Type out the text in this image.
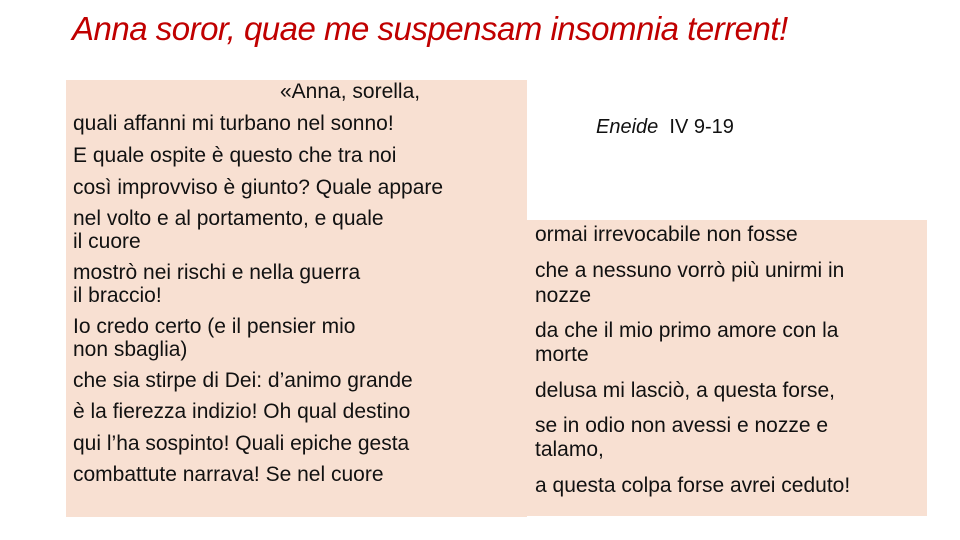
Anna soror, quae me suspensam insomnia terrent!
Eneide IV 9-19
«Anna, sorella,
quali affanni mi turbano nel sonno!
E quale ospite è questo che tra noi
così improvviso è giunto? Quale appare
nel volto e al portamento, e quale
il cuore
mostrò nei rischi e nella guerra
il braccio!
Io credo certo (e il pensier mio
non sbaglia)
che sia stirpe di Dei: d’animo grande
è la fierezza indizio! Oh qual destino
qui l’ha sospinto! Quali epiche gesta
combattute narrava! Se nel cuore
ormai irrevocabile non fosse
che a nessuno vorrò più unirmi in
nozze
da che il mio primo amore con la
morte
delusa mi lasciò, a questa forse,
se in odio non avessi e nozze e
talamo,
a questa colpa forse avrei ceduto!
